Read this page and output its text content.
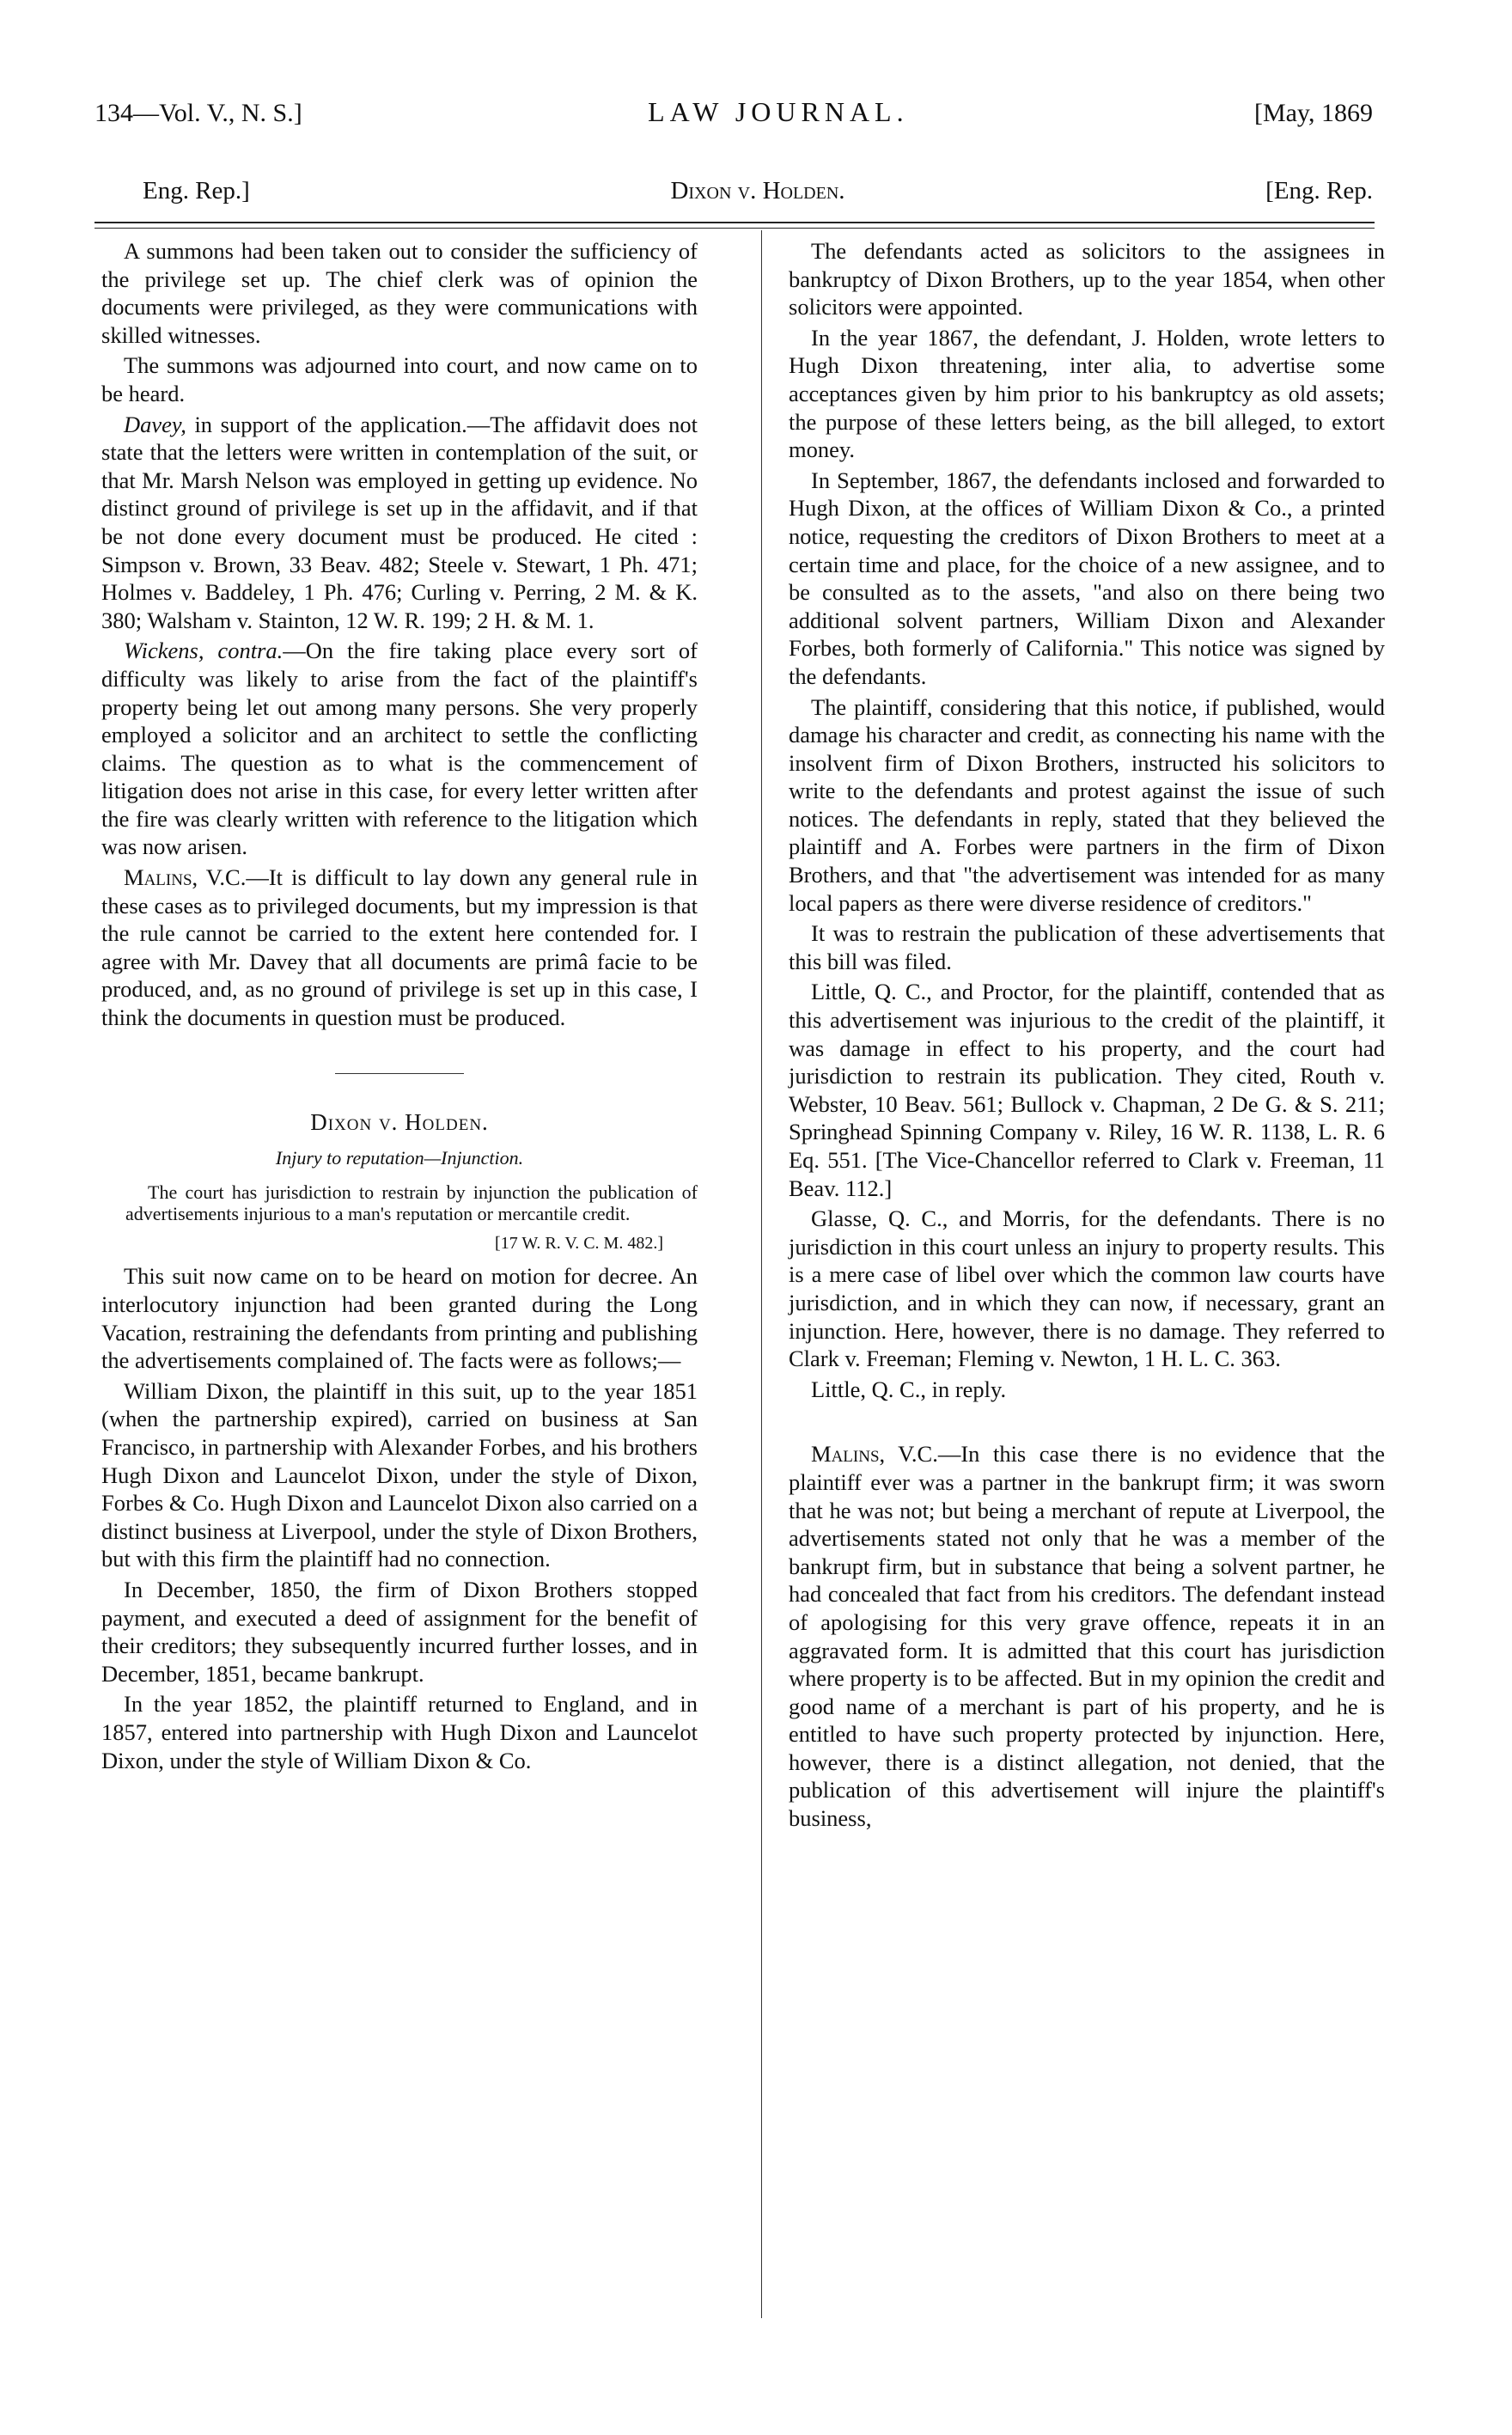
134—Vol. V., N. S.]	LAW JOURNAL.	[May, 1869
Eng. Rep.]	Dixon v. Holden.	[Eng. Rep.

A summons had been taken out to consider the sufficiency of the privilege set up. The chief clerk was of opinion the documents were privileged, as they were communications with skilled witnesses.

The summons was adjourned into court, and now came on to be heard.

Davey, in support of the application.—The affidavit does not state that the letters were written in contemplation of the suit, or that Mr. Marsh Nelson was employed in getting up evidence. No distinct ground of privilege is set up in the affidavit, and if that be not done every document must be produced. He cited : Simpson v. Brown, 33 Beav. 482; Steele v. Stewart, 1 Ph. 471; Holmes v. Baddeley, 1 Ph. 476; Curling v. Perring, 2 M. & K. 380; Walsham v. Stainton, 12 W. R. 199; 2 H. & M. 1.

Wickens, contra.—On the fire taking place every sort of difficulty was likely to arise from the fact of the plaintiff's property being let out among many persons. She very properly employed a solicitor and an architect to settle the conflicting claims. The question as to what is the commencement of litigation does not arise in this case, for every letter written after the fire was clearly written with reference to the litigation which was now arisen.

Malins, V.C.—It is difficult to lay down any general rule in these cases as to privileged documents, but my impression is that the rule cannot be carried to the extent here contended for. I agree with Mr. Davey that all documents are primâ facie to be produced, and, as no ground of privilege is set up in this case, I think the documents in question must be produced.

Dixon v. Holden.
Injury to reputation—Injunction.

The court has jurisdiction to restrain by injunction the publication of advertisements injurious to a man's reputation or mercantile credit.

[17 W. R. V. C. M. 482.]

This suit now came on to be heard on motion for decree. An interlocutory injunction had been granted during the Long Vacation, restraining the defendants from printing and publishing the advertisements complained of. The facts were as follows;—

William Dixon, the plaintiff in this suit, up to the year 1851 (when the partnership expired), carried on business at San Francisco, in partnership with Alexander Forbes, and his brothers Hugh Dixon and Launcelot Dixon, under the style of Dixon, Forbes & Co. Hugh Dixon and Launcelot Dixon also carried on a distinct business at Liverpool, under the style of Dixon Brothers, but with this firm the plaintiff had no connection.

In December, 1850, the firm of Dixon Brothers stopped payment, and executed a deed of assignment for the benefit of their creditors; they subsequently incurred further losses, and in December, 1851, became bankrupt.

In the year 1852, the plaintiff returned to England, and in 1857, entered into partnership with Hugh Dixon and Launcelot Dixon, under the style of William Dixon & Co.

The defendants acted as solicitors to the assignees in bankruptcy of Dixon Brothers, up to the year 1854, when other solicitors were appointed.

In the year 1867, the defendant, J. Holden, wrote letters to Hugh Dixon threatening, inter alia, to advertise some acceptances given by him prior to his bankruptcy as old assets; the purpose of these letters being, as the bill alleged, to extort money.

In September, 1867, the defendants inclosed and forwarded to Hugh Dixon, at the offices of William Dixon & Co., a printed notice, requesting the creditors of Dixon Brothers to meet at a certain time and place, for the choice of a new assignee, and to be consulted as to the assets, "and also on there being two additional solvent partners, William Dixon and Alexander Forbes, both formerly of California." This notice was signed by the defendants.

The plaintiff, considering that this notice, if published, would damage his character and credit, as connecting his name with the insolvent firm of Dixon Brothers, instructed his solicitors to write to the defendants and protest against the issue of such notices. The defendants in reply, stated that they believed the plaintiff and A. Forbes were partners in the firm of Dixon Brothers, and that "the advertisement was intended for as many local papers as there were diverse residence of creditors."

It was to restrain the publication of these advertisements that this bill was filed.

Little, Q. C., and Proctor, for the plaintiff, contended that as this advertisement was injurious to the credit of the plaintiff, it was damage in effect to his property, and the court had jurisdiction to restrain its publication. They cited, Routh v. Webster, 10 Beav. 561; Bullock v. Chapman, 2 De G. & S. 211; Springhead Spinning Company v. Riley, 16 W. R. 1138, L. R. 6 Eq. 551. [The Vice-Chancellor referred to Clark v. Freeman, 11 Beav. 112.]

Glasse, Q. C., and Morris, for the defendants. There is no jurisdiction in this court unless an injury to property results. This is a mere case of libel over which the common law courts have jurisdiction, and in which they can now, if necessary, grant an injunction. Here, however, there is no damage. They referred to Clark v. Freeman; Fleming v. Newton, 1 H. L. C. 363.

Little, Q. C., in reply.

Malins, V.C.—In this case there is no evidence that the plaintiff ever was a partner in the bankrupt firm; it was sworn that he was not; but being a merchant of repute at Liverpool, the advertisements stated not only that he was a member of the bankrupt firm, but in substance that being a solvent partner, he had concealed that fact from his creditors. The defendant instead of apologising for this very grave offence, repeats it in an aggravated form. It is admitted that this court has jurisdiction where property is to be affected. But in my opinion the credit and good name of a merchant is part of his property, and he is entitled to have such property protected by injunction. Here, however, there is a distinct allegation, not denied, that the publication of this advertisement will injure the plaintiff's business,
